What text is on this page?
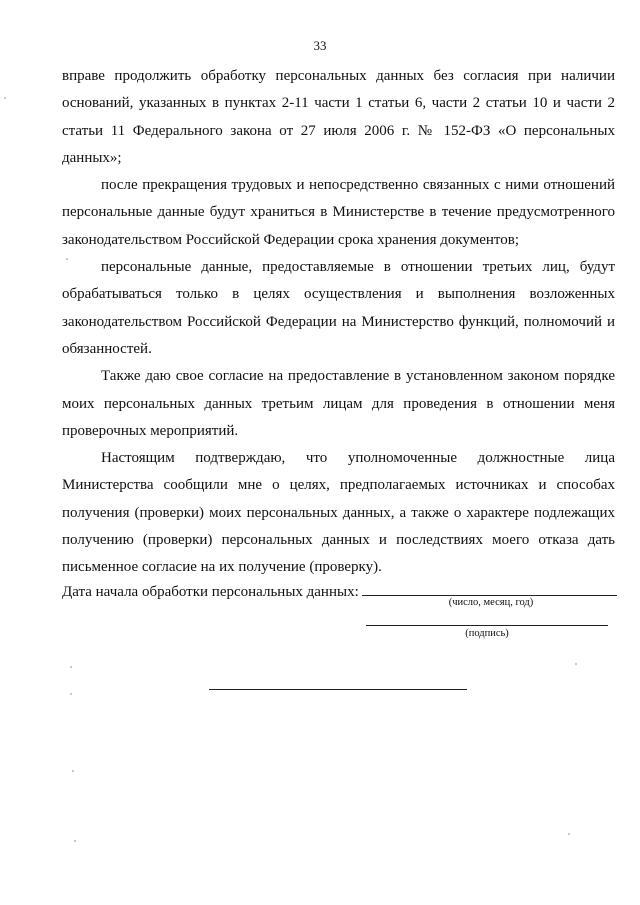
33

вправе продолжить обработку персональных данных без согласия при наличии оснований, указанных в пунктах 2-11 части 1 статьи 6, части 2 статьи 10 и части 2 статьи 11 Федерального закона от 27 июля 2006 г. № 152-ФЗ «О персональных данных»;

после прекращения трудовых и непосредственно связанных с ними отношений персональные данные будут храниться в Министерстве в течение предусмотренного законодательством Российской Федерации срока хранения документов;

персональные данные, предоставляемые в отношении третьих лиц, будут обрабатываться только в целях осуществления и выполнения возложенных законодательством Российской Федерации на Министерство функций, полномочий и обязанностей.

Также даю свое согласие на предоставление в установленном законом порядке моих персональных данных третьим лицам для проведения в отношении меня проверочных мероприятий.

Настоящим подтверждаю, что уполномоченные должностные лица Министерства сообщили мне о целях, предполагаемых источниках и способах получения (проверки) моих персональных данных, а также о характере подлежащих получению (проверки) персональных данных и последствиях моего отказа дать письменное согласие на их получение (проверку).

Дата начала обработки персональных данных:
(число, месяц, год)
(подпись)
